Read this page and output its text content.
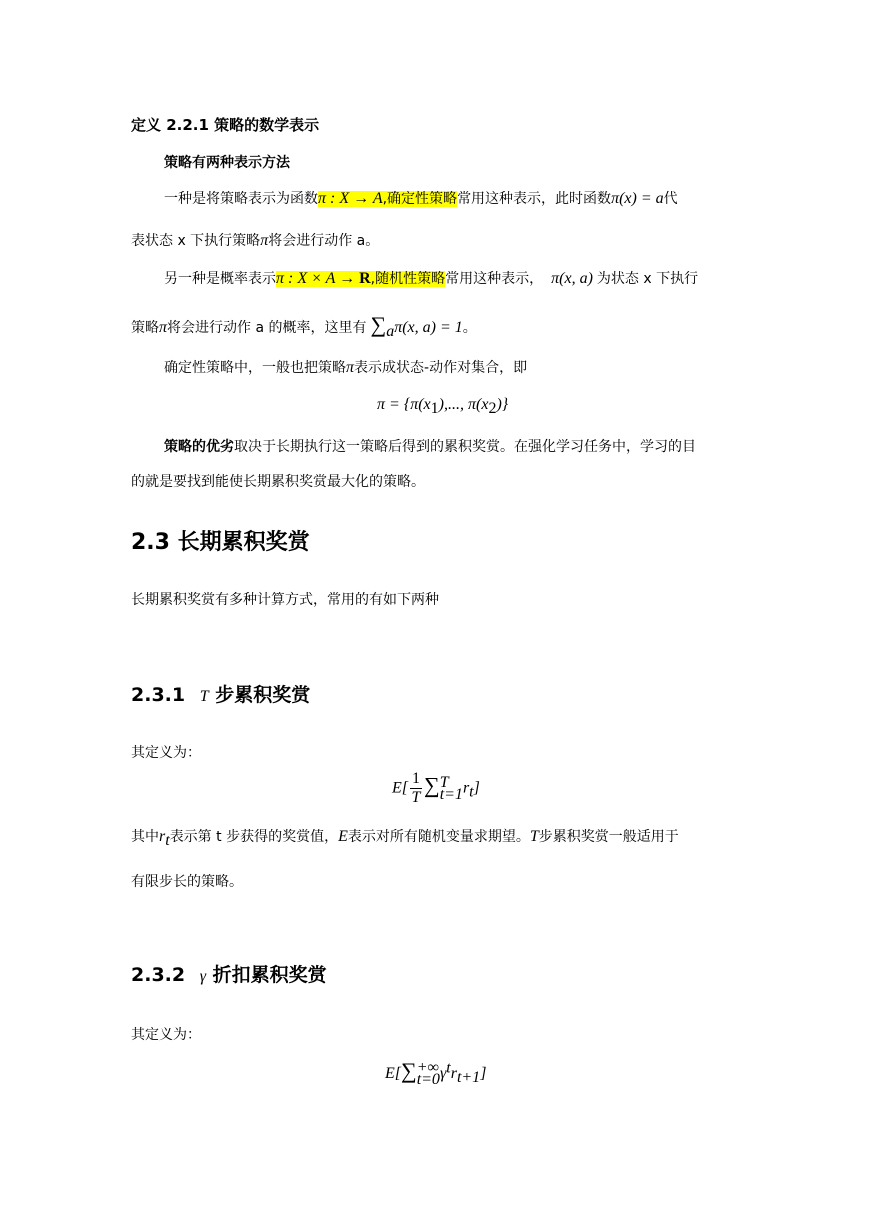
定义 2.2.1 策略的数学表示
策略有两种表示方法
一种是将策略表示为函数π : X → A,确定性策略常用这种表示，此时函数π(x) = a代
表状态 x 下执行策略π将会进行动作 a。
另一种是概率表示π : X × A → R,随机性策略常用这种表示， π(x, a) 为状态 x 下执行
策略π将会进行动作 a 的概率，这里有 $\sum_a\pi(x$, a) = 1。
确定性策略中，一般也把策略π表示成状态-动作对集合，即
$\pi = \{\pi(x_1)$,..., $\pi(x_2)$}
策略的优劣取决于长期执行这一策略后得到的累积奖赏。在强化学习任务中，学习的目
的就是要找到能使长期累积奖赏最大化的策略。
2.3 长期累积奖赏
长期累积奖赏有多种计算方式，常用的有如下两种
2.3.1 T 步累积奖赏
其定义为：
$E[ \frac{1}{T}$ ∑ T
t=1 $r_t$]
其中$r_t$表示第 t 步获得的奖赏值，E表示对所有随机变量求期望。T步累积奖赏一般适用于
有限步长的策略。
2.3.2 γ 折扣累积奖赏
其定义为：
E[∑ +∞
t=0 $\gamma^tr_{t+1}$]
